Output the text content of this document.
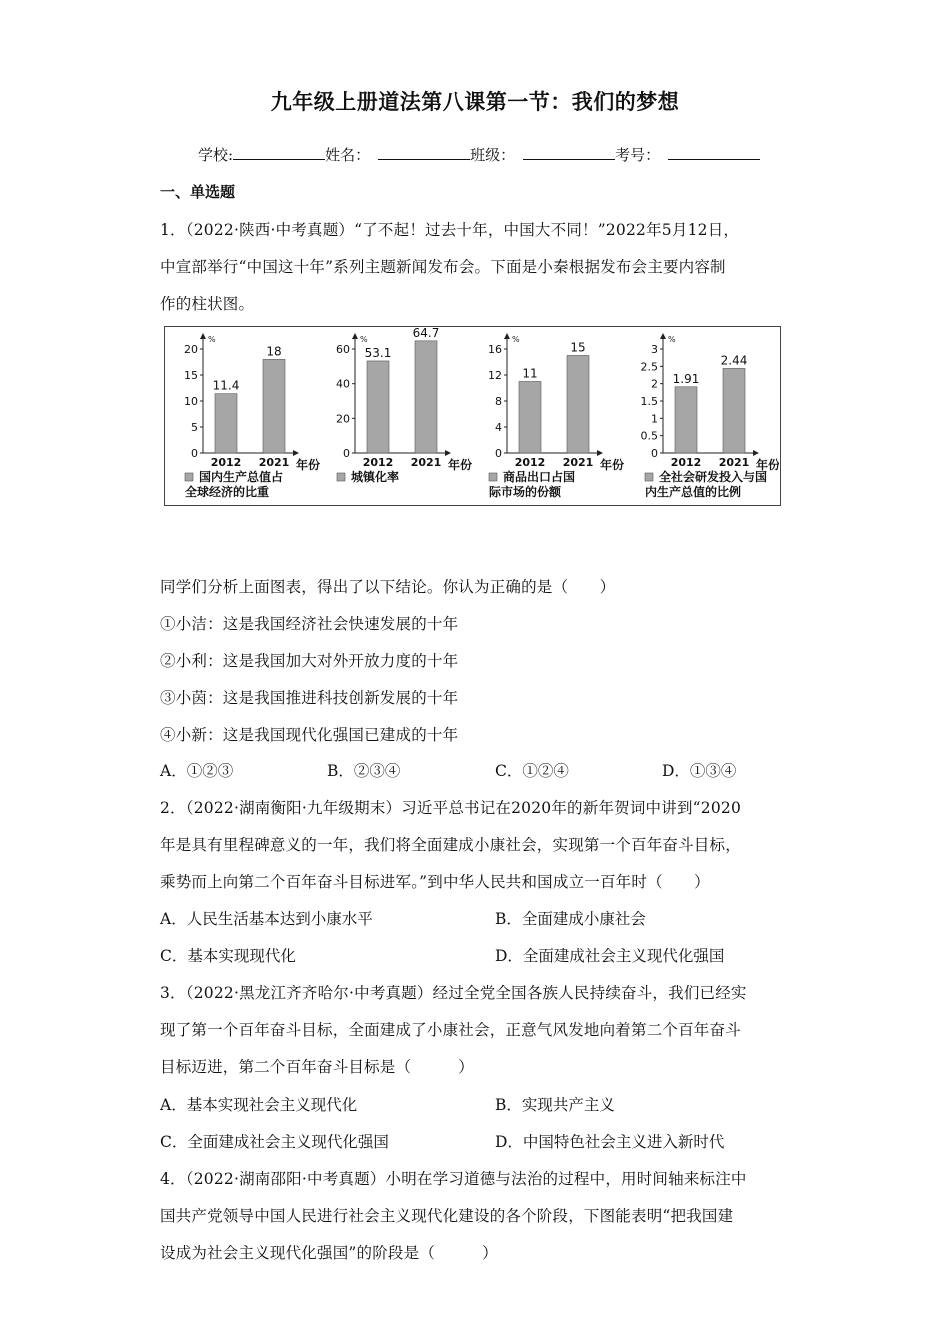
九年级上册道法第八课第一节：我们的梦想
学校:	姓名：	班级：	考号：
一、单选题
1．（2022·陕西·中考真题）“了不起！过去十年，中国大不同！”2022年5月12日，
中宣部举行“中国这十年”系列主题新闻发布会。下面是小秦根据发布会主要内容制
作的柱状图。
%
年份
0
5
10
15
20
11.4
2012
18
2021
国内生产总值占
全球经济的比重
%
年份
0
20
40
60 53.1
2012
64.7
2021
城镇化率
%
年份
0
4
8
12
16
11
2012
15
2021
商品出口占国
际市场的份额
%
年份
0
0.5
1
1.5
2
2.5
3
1.91
2012
2.44
2021
全社会研发投入与国
内生产总值的比例
同学们分析上面图表，得出了以下结论。你认为正确的是（　　）
①小洁：这是我国经济社会快速发展的十年
②小利：这是我国加大对外开放力度的十年
③小茵：这是我国推进科技创新发展的十年
④小新：这是我国现代化强国已建成的十年
A．①②③	B．②③④	C．①②④	D．①③④
2．（2022·湖南衡阳·九年级期末）习近平总书记在2020年的新年贺词中讲到“2020
年是具有里程碑意义的一年，我们将全面建成小康社会，实现第一个百年奋斗目标，
乘势而上向第二个百年奋斗目标进军。”到中华人民共和国成立一百年时（　　）
A．人民生活基本达到小康水平	B．全面建成小康社会
C．基本实现现代化	D．全面建成社会主义现代化强国
3．（2022·黑龙江齐齐哈尔·中考真题）经过全党全国各族人民持续奋斗，我们已经实
现了第一个百年奋斗目标，全面建成了小康社会，正意气风发地向着第二个百年奋斗
目标迈进，第二个百年奋斗目标是（　　　）
A．基本实现社会主义现代化	B．实现共产主义
C．全面建成社会主义现代化强国	D．中国特色社会主义进入新时代
4．（2022·湖南邵阳·中考真题）小明在学习道德与法治的过程中，用时间轴来标注中
国共产党领导中国人民进行社会主义现代化建设的各个阶段，下图能表明“把我国建
设成为社会主义现代化强国”的阶段是（　　　）
